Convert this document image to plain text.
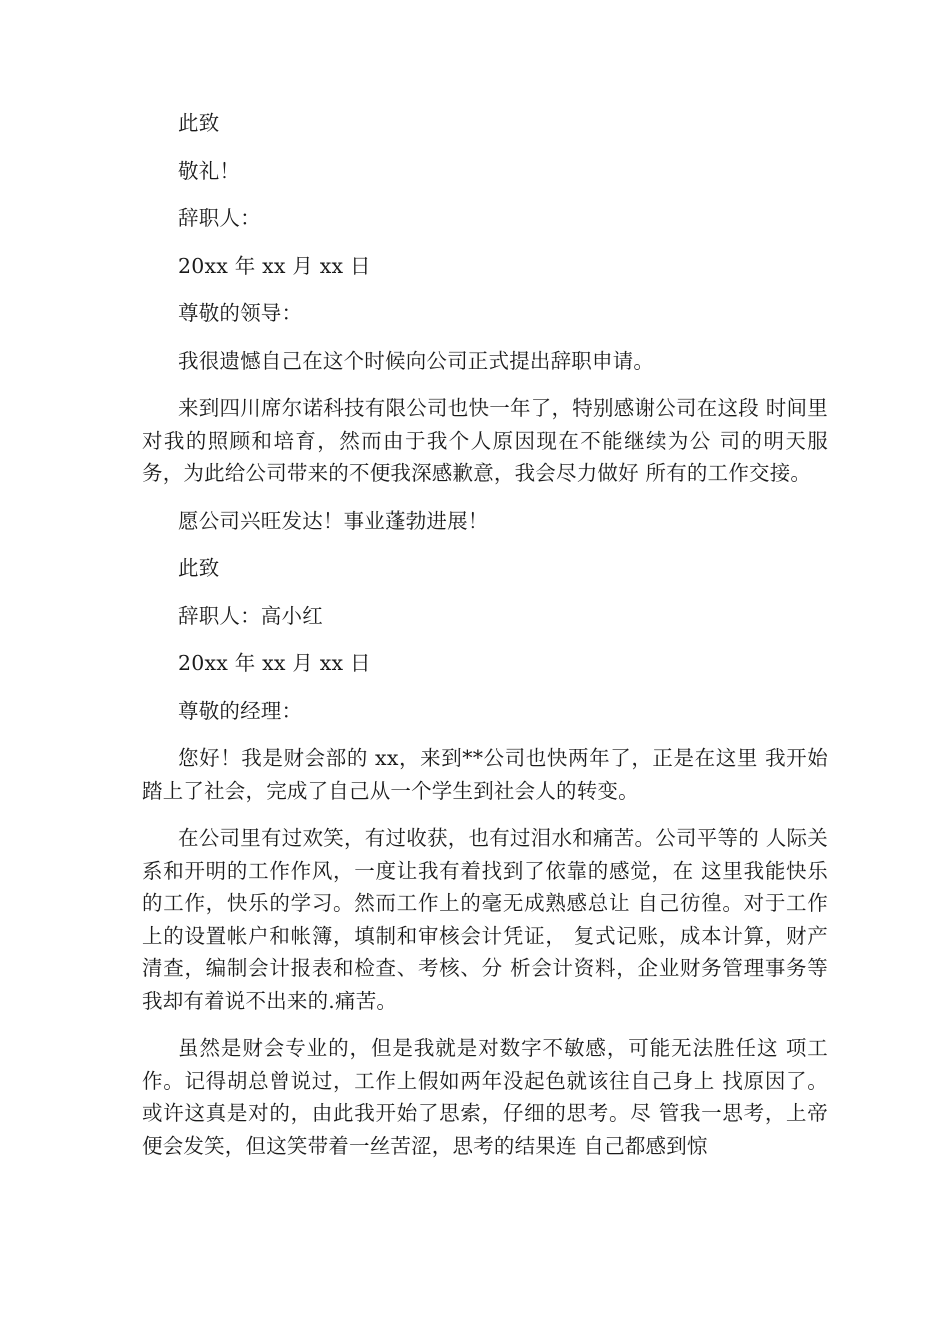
此致

敬礼！

辞职人：

20xx 年 xx 月 xx 日

尊敬的领导：

我很遗憾自己在这个时候向公司正式提出辞职申请。

来到四川席尔诺科技有限公司也快一年了，特别感谢公司在这段 时间里对我的照顾和培育，然而由于我个人原因现在不能继续为公 司的明天服务，为此给公司带来的不便我深感歉意，我会尽力做好 所有的工作交接。

愿公司兴旺发达！事业蓬勃进展！

此致

辞职人：高小红

20xx 年 xx 月 xx 日

尊敬的经理：

您好！我是财会部的 xx，来到**公司也快两年了，正是在这里 我开始踏上了社会，完成了自己从一个学生到社会人的转变。

在公司里有过欢笑，有过收获，也有过泪水和痛苦。公司平等的 人际关系和开明的工作作风，一度让我有着找到了依靠的感觉，在 这里我能快乐的工作，快乐的学习。然而工作上的毫无成熟感总让 自己彷徨。对于工作上的设置帐户和帐簿，填制和审核会计凭证， 复式记账，成本计算，财产清查，编制会计报表和检查、考核、分 析会计资料，企业财务管理事务等我却有着说不出来的.痛苦。

虽然是财会专业的，但是我就是对数字不敏感，可能无法胜任这 项工作。记得胡总曾说过，工作上假如两年没起色就该往自己身上 找原因了。或许这真是对的，由此我开始了思索，仔细的思考。尽 管我一思考，上帝便会发笑，但这笑带着一丝苦涩，思考的结果连 自己都感到惊
